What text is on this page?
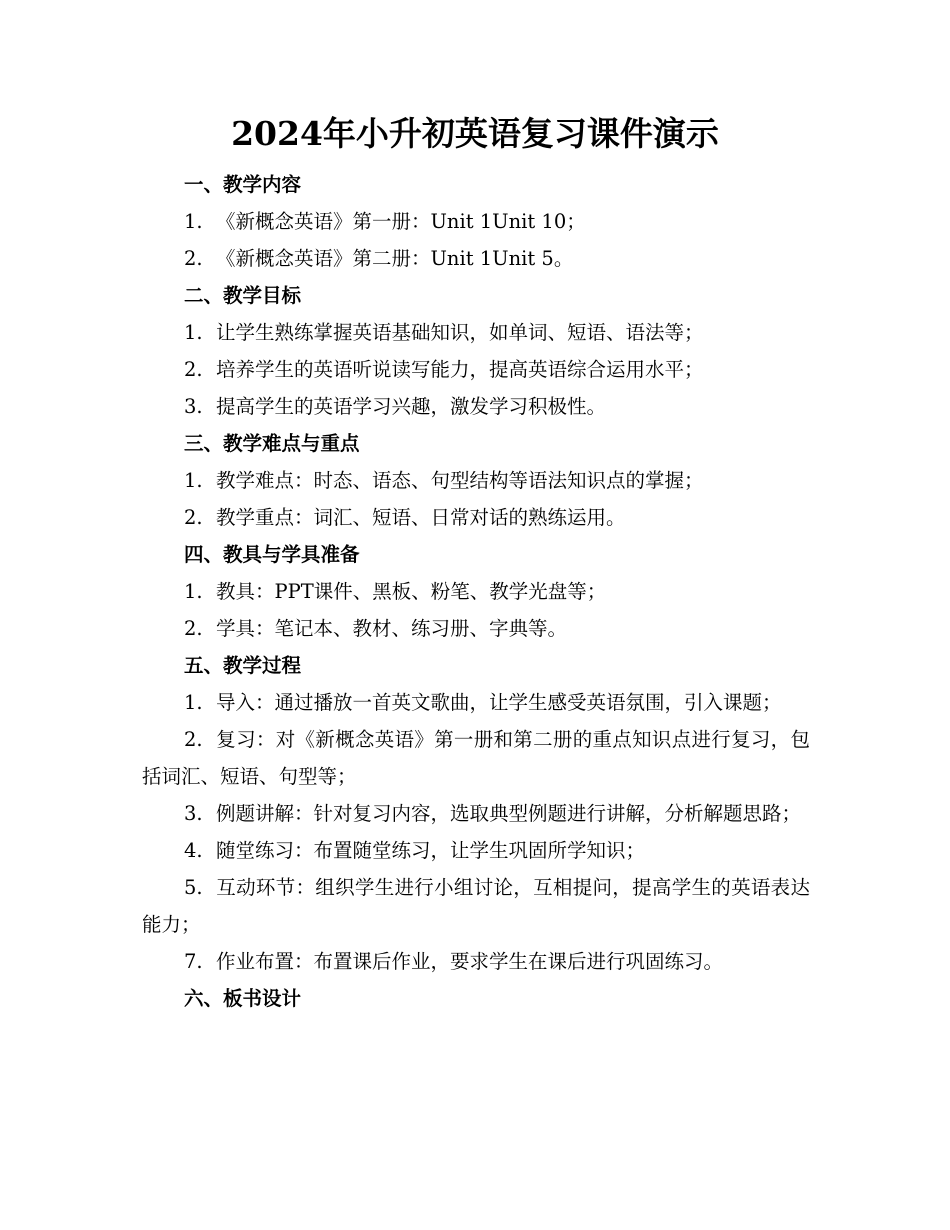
2024年小升初英语复习课件演示
一、教学内容
1. 《新概念英语》第一册：Unit 1Unit 10；
2. 《新概念英语》第二册：Unit 1Unit 5。
二、教学目标
1. 让学生熟练掌握英语基础知识，如单词、短语、语法等；
2. 培养学生的英语听说读写能力，提高英语综合运用水平；
3. 提高学生的英语学习兴趣，激发学习积极性。
三、教学难点与重点
1. 教学难点：时态、语态、句型结构等语法知识点的掌握；
2. 教学重点：词汇、短语、日常对话的熟练运用。
四、教具与学具准备
1. 教具：PPT课件、黑板、粉笔、教学光盘等；
2. 学具：笔记本、教材、练习册、字典等。
五、教学过程
1. 导入：通过播放一首英文歌曲，让学生感受英语氛围，引入课题；
2. 复习：对《新概念英语》第一册和第二册的重点知识点进行复习，包括词汇、短语、句型等；
3. 例题讲解：针对复习内容，选取典型例题进行讲解，分析解题思路；
4. 随堂练习：布置随堂练习，让学生巩固所学知识；
5. 互动环节：组织学生进行小组讨论，互相提问，提高学生的英语表达能力；
7. 作业布置：布置课后作业，要求学生在课后进行巩固练习。
六、板书设计
